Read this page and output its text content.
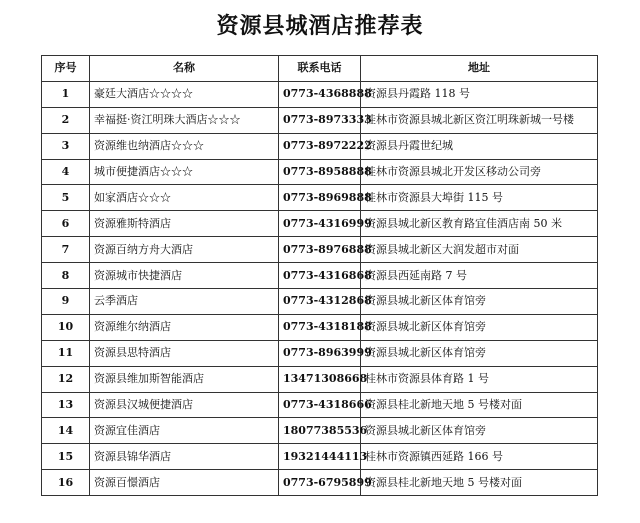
资源县城酒店推荐表
序号	名称	联系电话	地址
1	豪廷大酒店☆☆☆☆	0773-4368888	资源县丹霞路 118 号
2	幸福挺·资江明珠大酒店☆☆☆	0773-8973333	桂林市资源县城北新区资江明珠新城一号楼
3	资源维也纳酒店☆☆☆	0773-8972222	资源县丹霞世纪城
4	城市便捷酒店☆☆☆	0773-8958888	桂林市资源县城北开发区移动公司旁
5	如家酒店☆☆☆	0773-8969888	桂林市资源县大埠街 115 号
6	资源雅斯特酒店	0773-4316999	资源县城北新区教育路宜佳酒店南 50 米
7	资源百纳方舟大酒店	0773-8976888	资源县城北新区大润发超市对面
8	资源城市快捷酒店	0773-4316868	资源县西延南路 7 号
9	云季酒店	0773-4312868	资源县城北新区体育馆旁
10	资源维尔纳酒店	0773-4318188	资源县城北新区体育馆旁
11	资源县思特酒店	0773-8963999	资源县城北新区体育馆旁
12	资源县维加斯智能酒店	13471308668	桂林市资源县体育路 1 号
13	资源县汉城便捷酒店	0773-4318666	资源县桂北新地天地 5 号楼对面
14	资源宜佳酒店	18077385536	资源县城北新区体育馆旁
15	资源县锦华酒店	19321444113	桂林市资源镇西延路 166 号
16	资源百憬酒店	0773-6795899	资源县桂北新地天地 5 号楼对面
